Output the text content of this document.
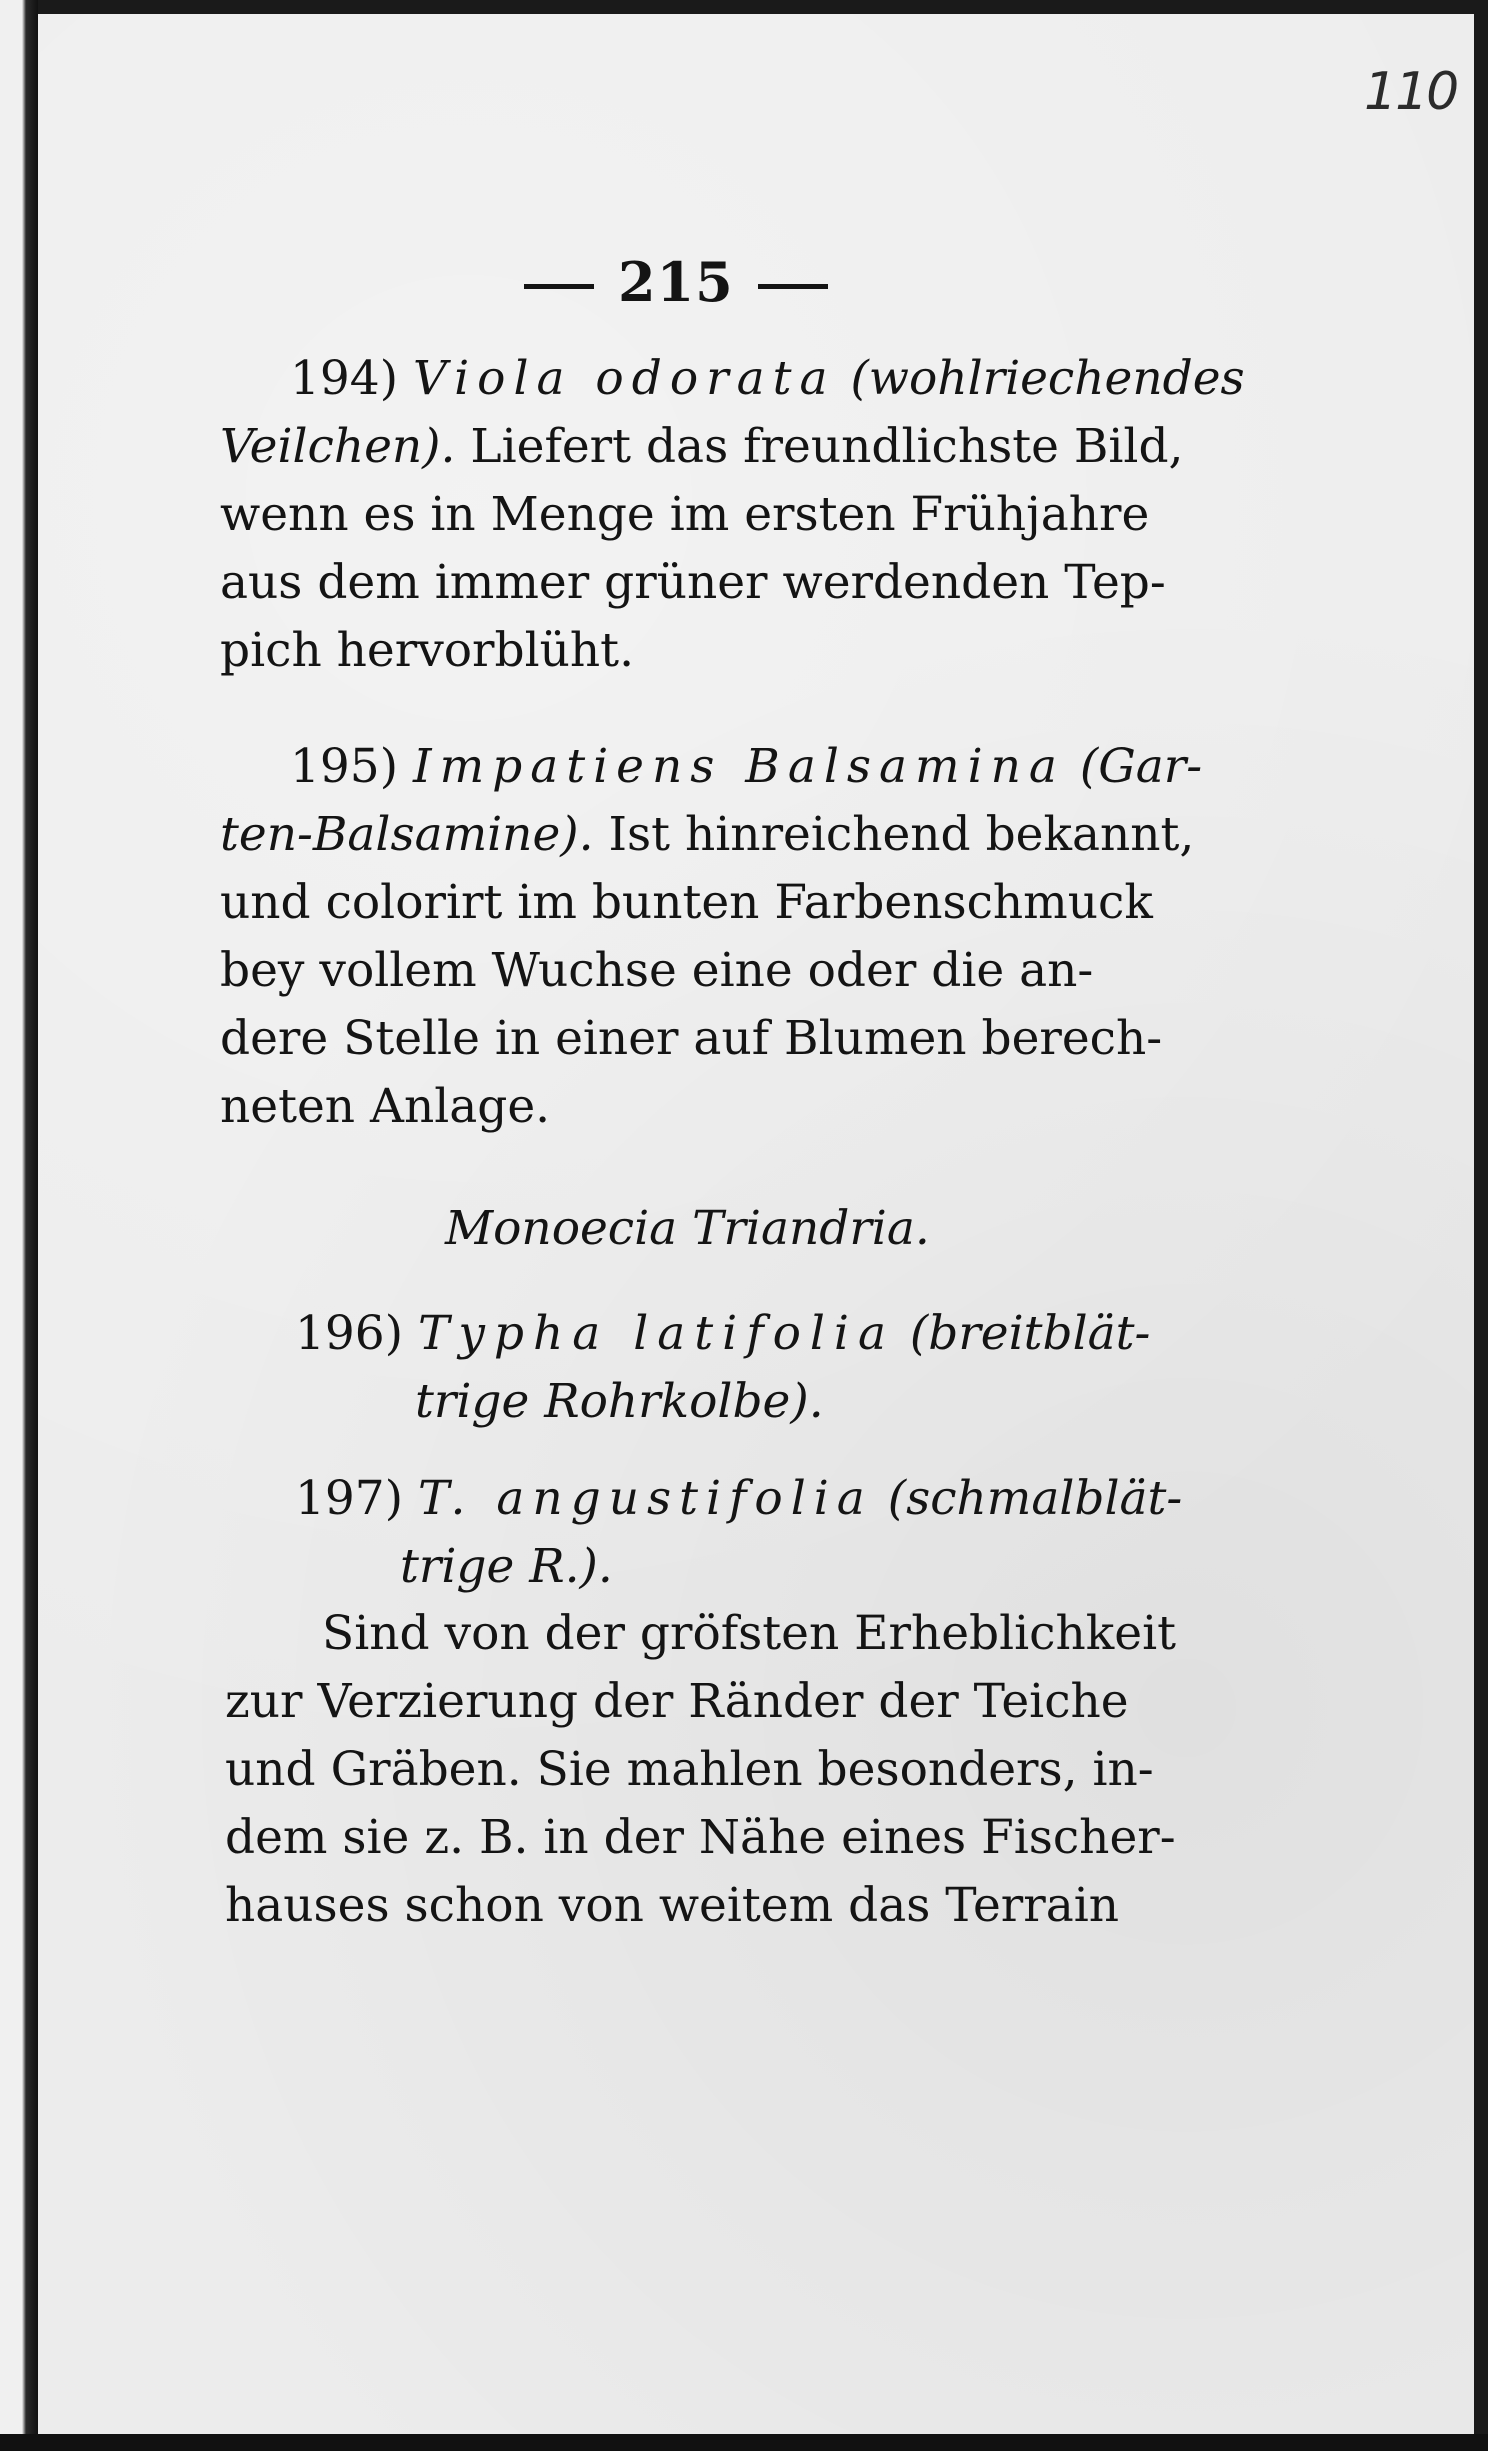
110
215
194) Viola odorata (wohlriechendes
Veilchen). Liefert das freundlichste Bild,
wenn es in Menge im ersten Frühjahre
aus dem immer grüner werdenden Tep-
pich hervorblüht.
195) Impatiens Balsamina (Gar-
ten-Balsamine). Ist hinreichend bekannt,
und colorirt im bunten Farbenschmuck
bey vollem Wuchse eine oder die an-
dere Stelle in einer auf Blumen berech-
neten Anlage.
Monoecia Triandria.
196) Typha latifolia (breitblät-
trige Rohrkolbe).
197) T. angustifolia (schmalblät-
trige R.).
Sind von der gröfsten Erheblichkeit
zur Verzierung der Ränder der Teiche
und Gräben. Sie mahlen besonders, in-
dem sie z. B. in der Nähe eines Fischer-
hauses schon von weitem das Terrain
